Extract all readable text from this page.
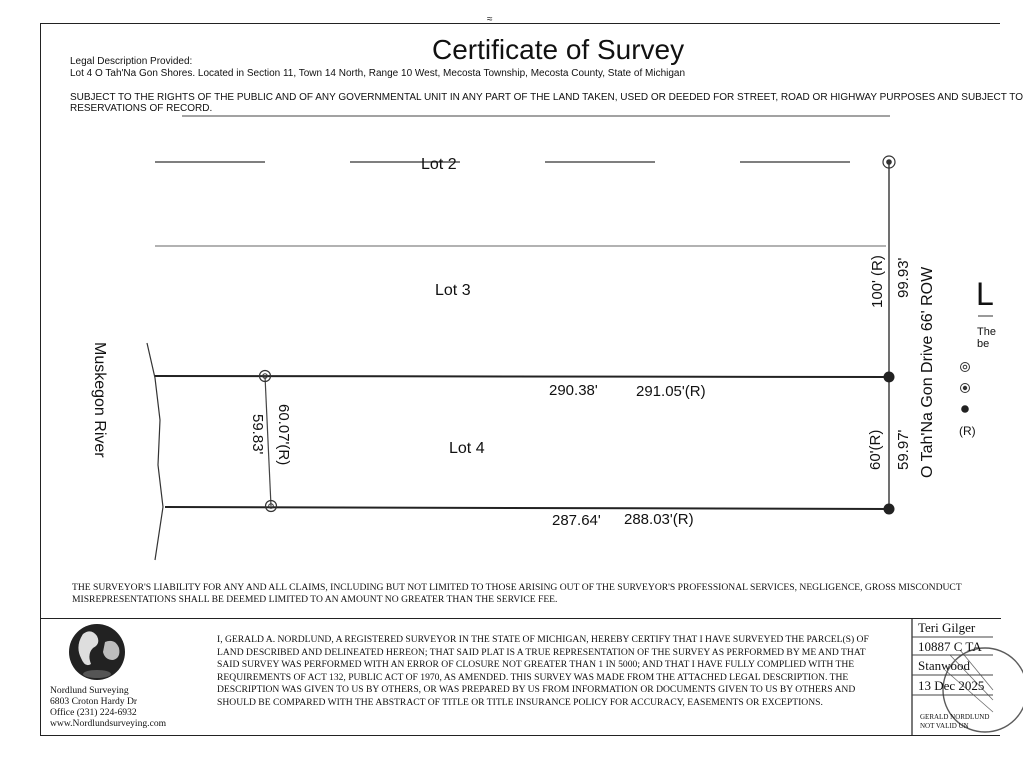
≈
Certificate of Survey
Legal Description Provided:
Lot 4 O Tah'Na Gon Shores. Located in Section 11, Town 14 North, Range 10 West, Mecosta Township, Mecosta County, State of Michigan
SUBJECT TO THE RIGHTS OF THE PUBLIC AND OF ANY GOVERNMENTAL UNIT IN ANY PART OF THE LAND TAKEN, USED OR DEEDED FOR STREET, ROAD OR HIGHWAY PURPOSES AND SUBJECT TO
RESERVATIONS OF RECORD.
Lot 2
Lot 3
Lot 4
Muskegon River	O Tah'Na Gon Drive 66' ROW
100' (R) 99.93'
290.38'	291.05'(R)
60.07'(R)
59.83'	60'(R) 59.97'
287.64' 288.03'(R)
L
The
be
(R)
THE SURVEYOR'S LIABILITY FOR ANY AND ALL CLAIMS, INCLUDING BUT NOT LIMITED TO THOSE ARISING OUT OF THE SURVEYOR'S PROFESSIONAL SERVICES, NEGLIGENCE, GROSS MISCONDUCT
MISREPRESENTATIONS SHALL BE DEEMED LIMITED TO AN AMOUNT NO GREATER THAN THE SERVICE FEE.
I, GERALD A. NORDLUND, A REGISTERED SURVEYOR IN THE STATE OF MICHIGAN, HEREBY CERTIFY THAT I HAVE SURVEYED THE PARCEL(S) OF LAND DESCRIBED AND DELINEATED HEREON; THAT SAID PLAT IS A TRUE REPRESENTATION OF THE SURVEY AS PERFORMED BY ME AND THAT SAID SURVEY WAS PERFORMED WITH AN ERROR OF CLOSURE NOT GREATER THAN 1 IN 5000; AND THAT I HAVE FULLY COMPLIED WITH THE REQUIREMENTS OF ACT 132, PUBLIC ACT OF 1970, AS AMENDED. THIS SURVEY WAS MADE FROM THE ATTACHED LEGAL DESCRIPTION. THE DESCRIPTION WAS GIVEN TO US BY OTHERS, OR WAS PREPARED BY US FROM INFORMATION OR DOCUMENTS GIVEN TO US BY OTHERS AND SHOULD BE COMPARED WITH THE ABSTRACT OF TITLE OR TITLE INSURANCE POLICY FOR ACCURACY, EASEMENTS OR EXCEPTIONS.
Nordlund Surveying
6803 Croton Hardy Dr
Office (231) 224-6932
www.Nordlundsurveying.com
Teri Gilger
10887 C TA
Stanwood
13 Dec 2025
GERALD NORDLUND
NOT VALID UN
